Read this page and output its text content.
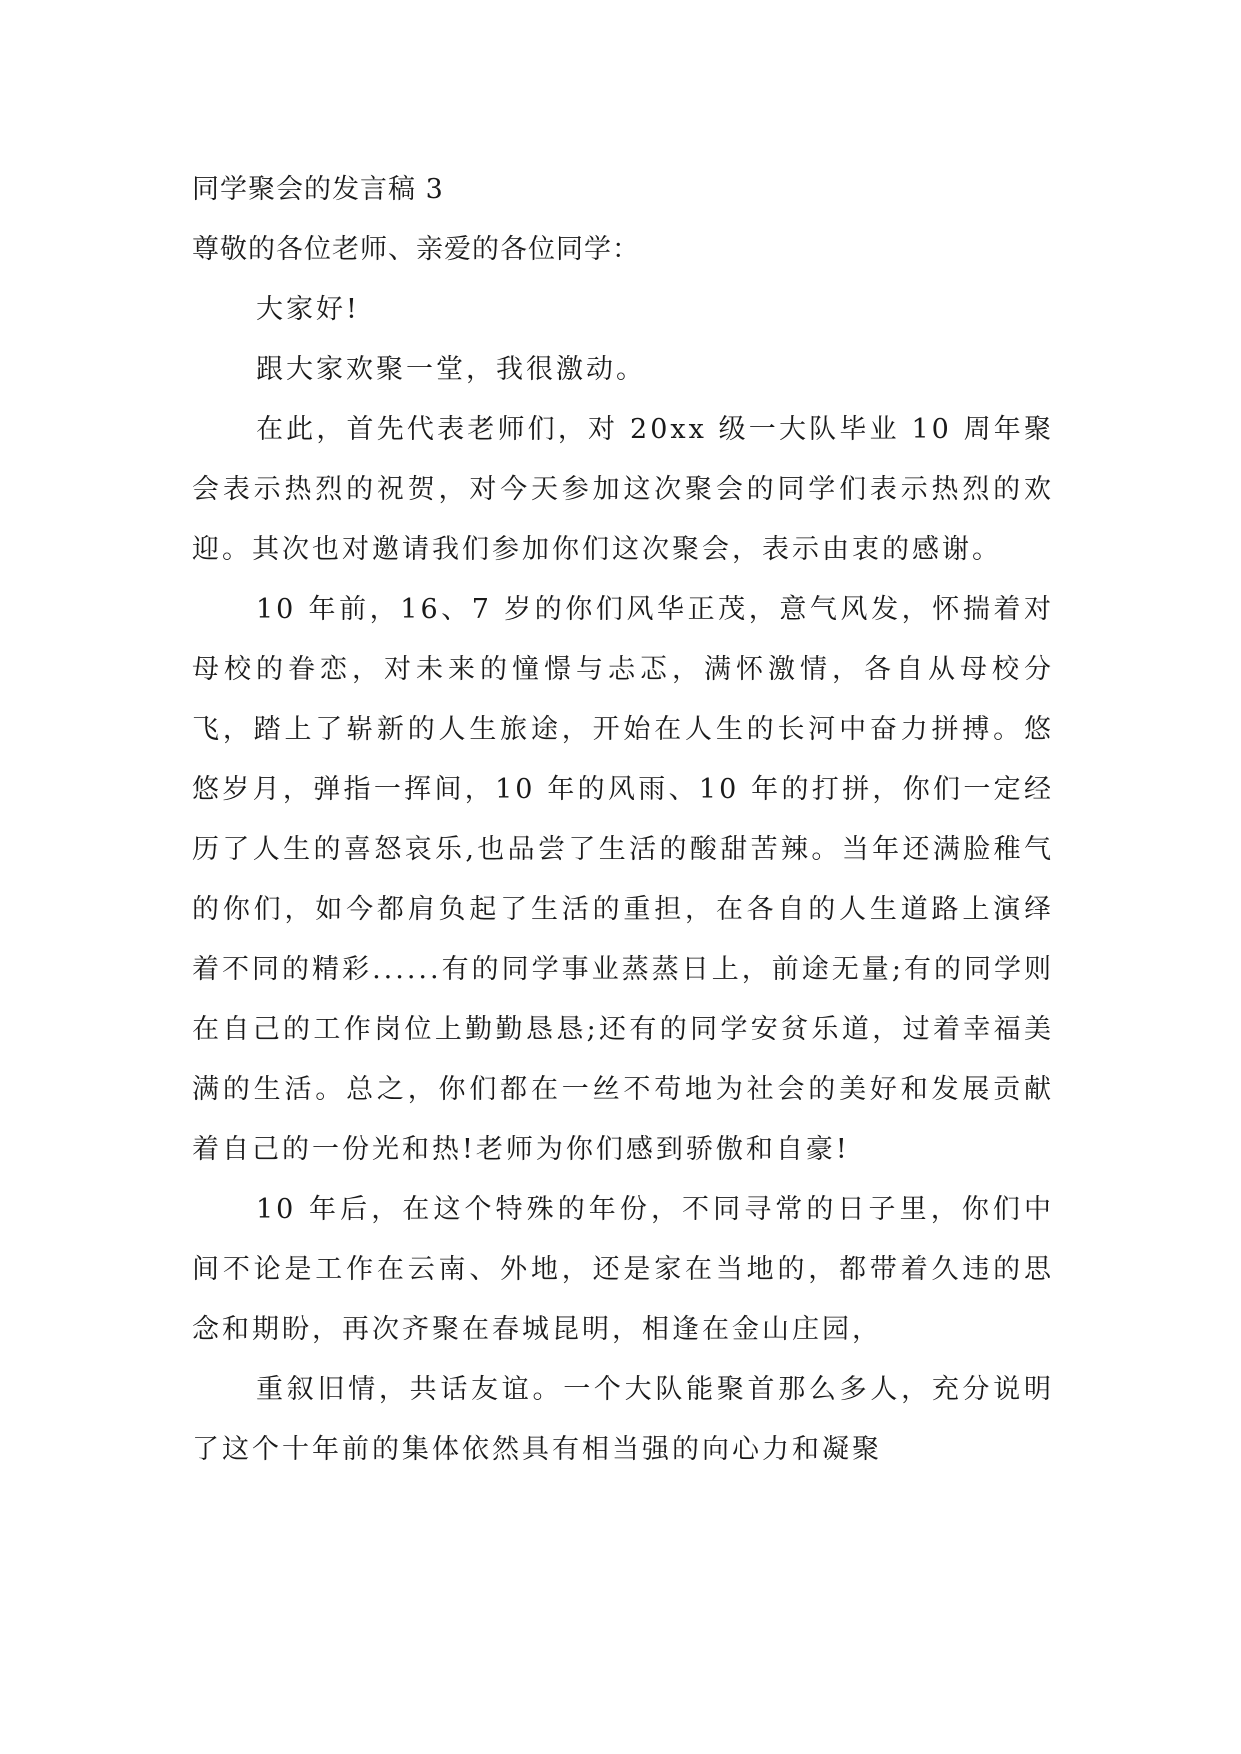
同学聚会的发言稿 3
尊敬的各位老师、亲爱的各位同学：

大家好!

跟大家欢聚一堂，我很激动。

在此，首先代表老师们，对 20xx 级一大队毕业 10 周年聚会表示热烈的祝贺，对今天参加这次聚会的同学们表示热烈的欢迎。其次也对邀请我们参加你们这次聚会，表示由衷的感谢。

10 年前，16、7 岁的你们风华正茂，意气风发，怀揣着对母校的眷恋，对未来的憧憬与忐忑，满怀激情，各自从母校分飞，踏上了崭新的人生旅途，开始在人生的长河中奋力拼搏。悠悠岁月，弹指一挥间，10 年的风雨、10 年的打拼，你们一定经历了人生的喜怒哀乐,也品尝了生活的酸甜苦辣。当年还满脸稚气的你们，如今都肩负起了生活的重担，在各自的人生道路上演绎着不同的精彩......有的同学事业蒸蒸日上，前途无量;有的同学则在自己的工作岗位上勤勤恳恳;还有的同学安贫乐道，过着幸福美满的生活。总之，你们都在一丝不苟地为社会的美好和发展贡献着自己的一份光和热!老师为你们感到骄傲和自豪!

10 年后，在这个特殊的年份，不同寻常的日子里，你们中间不论是工作在云南、外地，还是家在当地的，都带着久违的思念和期盼，再次齐聚在春城昆明，相逢在金山庄园，

重叙旧情，共话友谊。一个大队能聚首那么多人，充分说明了这个十年前的集体依然具有相当强的向心力和凝聚
